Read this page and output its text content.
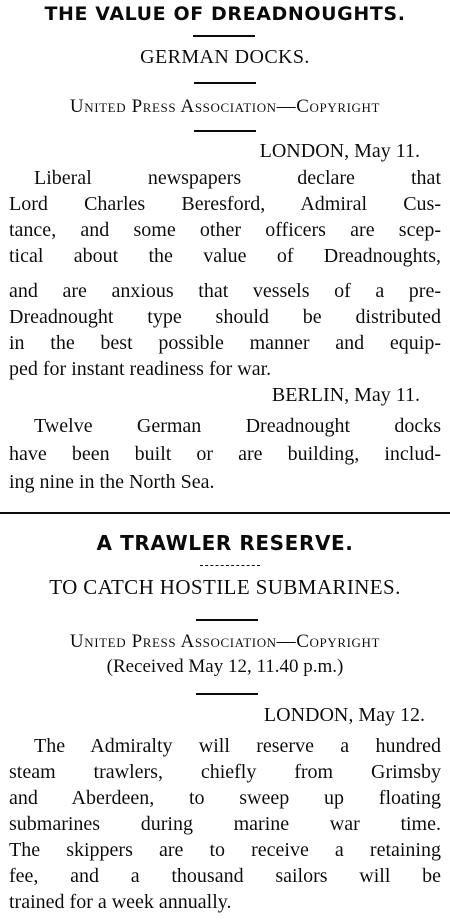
THE VALUE OF DREADNOUGHTS.
GERMAN DOCKS.
United Press Association—Copyright
LONDON, May 11.
Liberal newspapers declare that
Lord Charles Beresford, Admiral Cus-
tance, and some other officers are scep-
tical about the value of Dreadnoughts,
and are anxious that vessels of a pre-
Dreadnought type should be distributed
in the best possible manner and equip-
ped for instant readiness for war.
BERLIN, May 11.
Twelve German Dreadnought docks
have been built or are building, includ-
ing nine in the North Sea.
A TRAWLER RESERVE.
TO CATCH HOSTILE SUBMARINES.
United Press Association—Copyright
(Received May 12, 11.40 p.m.)
LONDON, May 12.
The Admiralty will reserve a hundred
steam trawlers, chiefly from Grimsby
and Aberdeen, to sweep up floating
submarines during marine war time.
The skippers are to receive a retaining
fee, and a thousand sailors will be
trained for a week annually.
